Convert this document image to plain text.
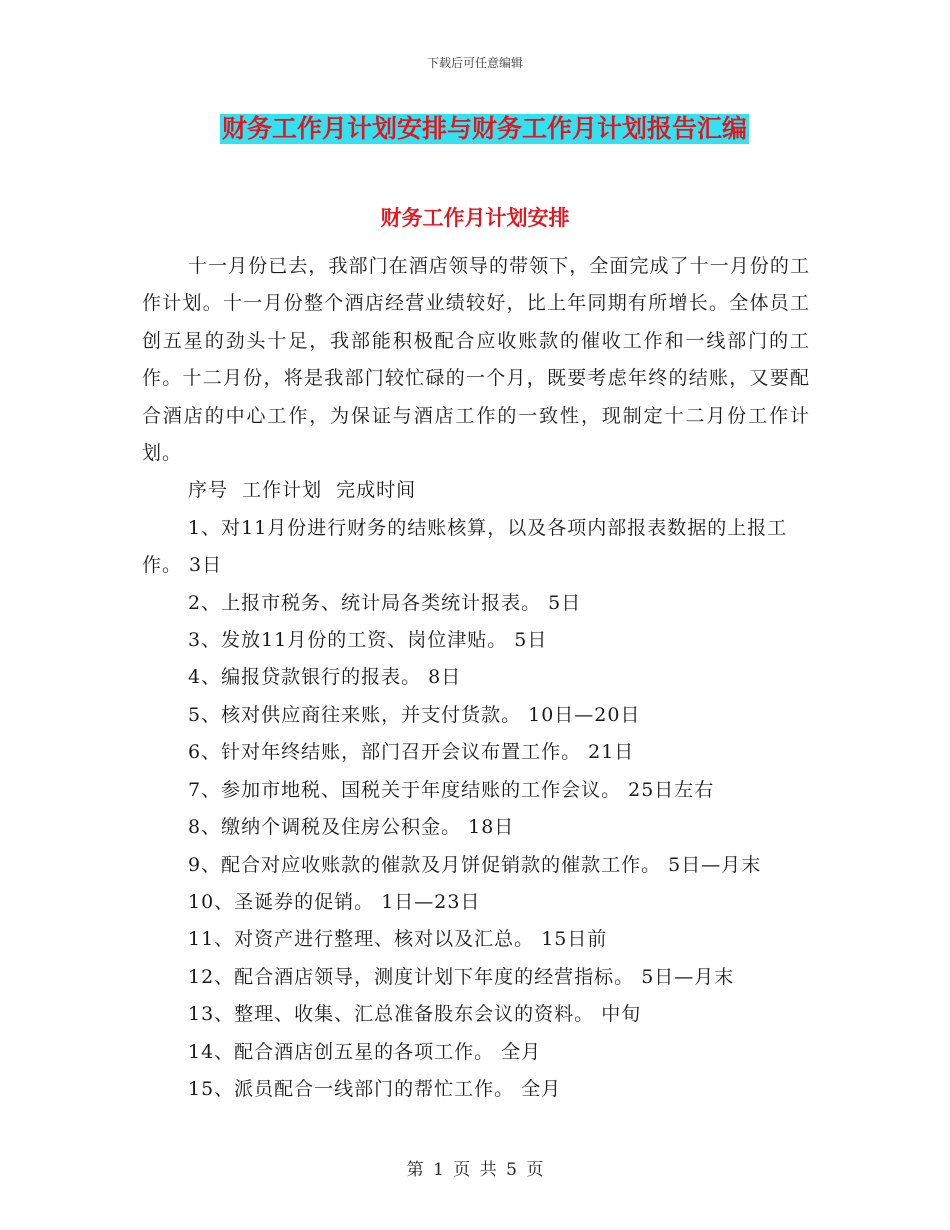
下载后可任意编辑
财务工作月计划安排与财务工作月计划报告汇编
财务工作月计划安排

十一月份已去，我部门在酒店领导的带领下，全面完成了十一月份的工作计划。十一月份整个酒店经营业绩较好，比上年同期有所增长。全体员工创五星的劲头十足，我部能积极配合应收账款的催收工作和一线部门的工作。十二月份，将是我部门较忙碌的一个月，既要考虑年终的结账，又要配合酒店的中心工作，为保证与酒店工作的一致性，现制定十二月份工作计划。

序号  工作计划  完成时间

1、对11月份进行财务的结账核算，以及各项内部报表数据的上报工作。 3日

2、上报市税务、统计局各类统计报表。 5日

3、发放11月份的工资、岗位津贴。 5日

4、编报贷款银行的报表。 8日

5、核对供应商往来账，并支付货款。 10日—20日

6、针对年终结账，部门召开会议布置工作。 21日

7、参加市地税、国税关于年度结账的工作会议。 25日左右

8、缴纳个调税及住房公积金。 18日

9、配合对应收账款的催款及月饼促销款的催款工作。 5日—月末

10、圣诞券的促销。 1日—23日

11、对资产进行整理、核对以及汇总。 15日前

12、配合酒店领导，测度计划下年度的经营指标。 5日—月末

13、整理、收集、汇总准备股东会议的资料。 中旬

14、配合酒店创五星的各项工作。 全月

15、派员配合一线部门的帮忙工作。 全月

第 1 页 共 5 页
